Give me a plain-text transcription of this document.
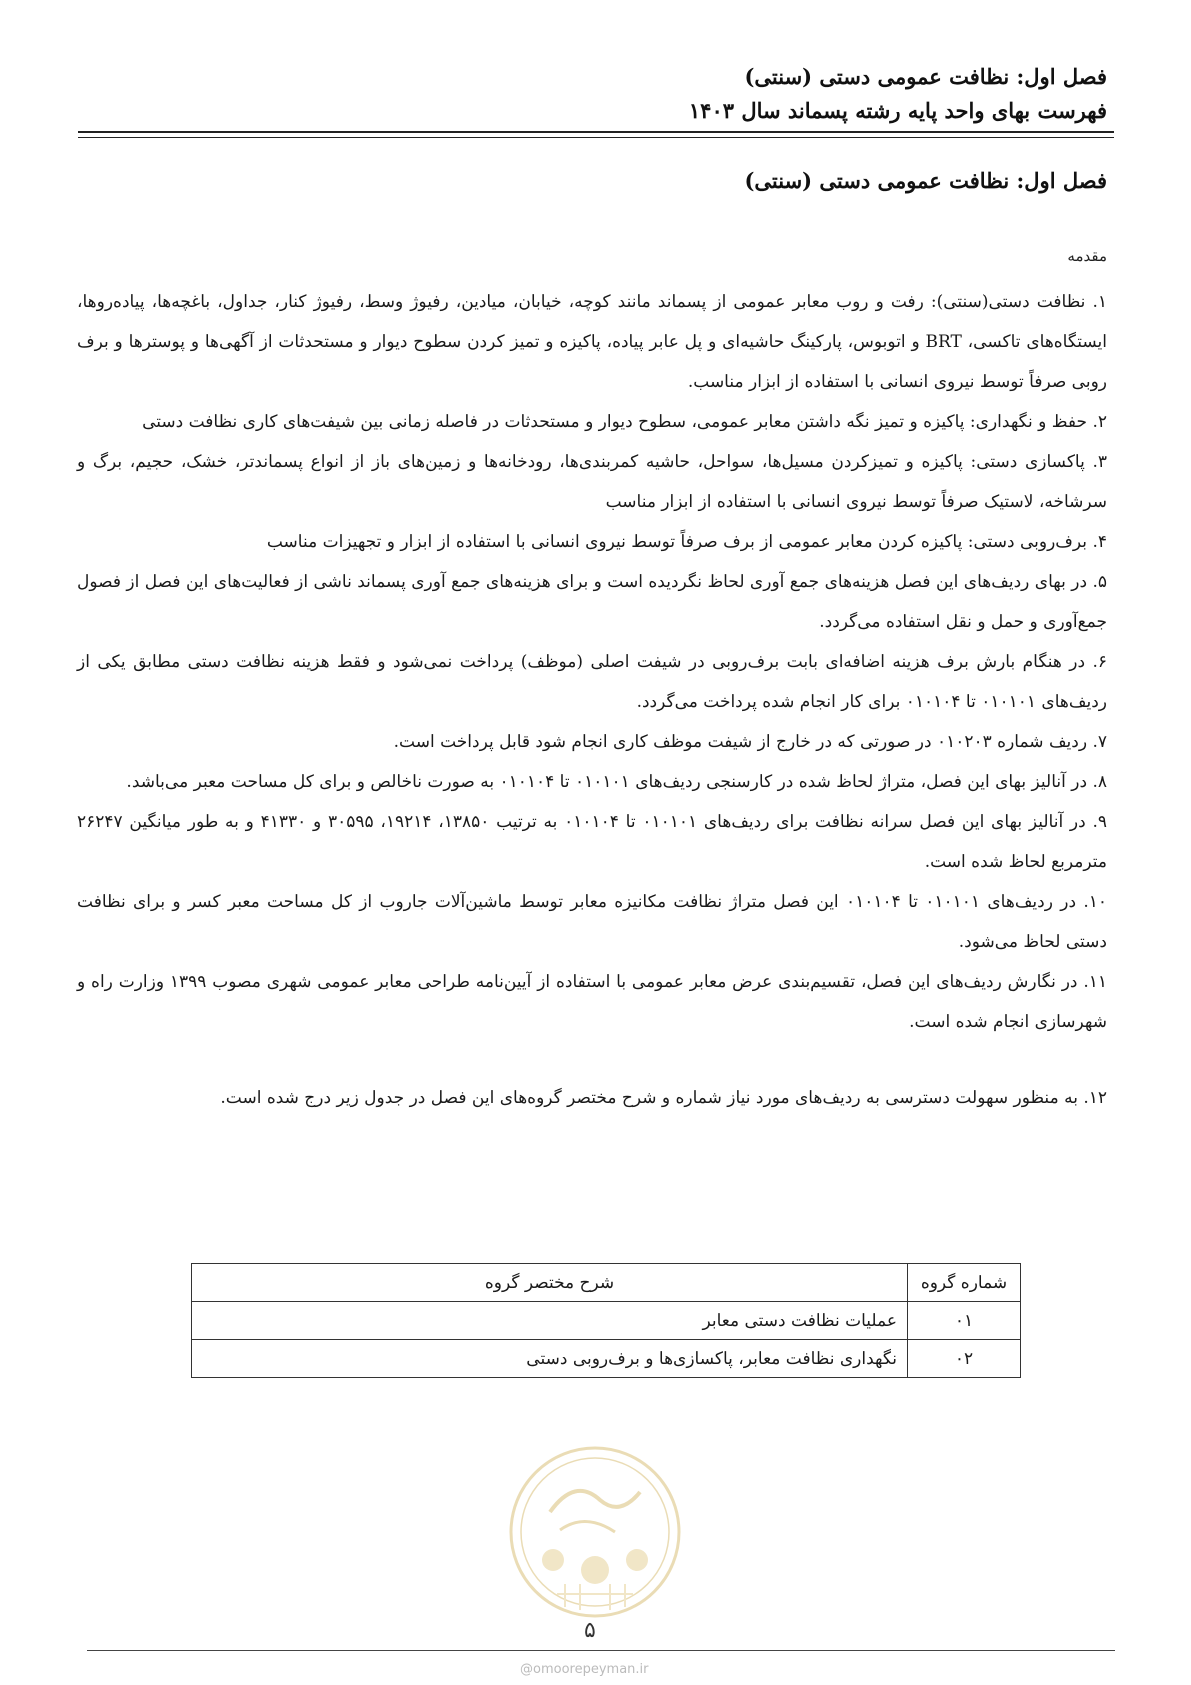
فصل اول: نظافت عمومی دستی (سنتی)
فهرست بهای واحد پایه رشته پسماند سال ۱۴۰۳
فصل اول: نظافت عمومی دستی (سنتی)
مقدمه

۱. نظافت دستی(سنتی): رفت و روب معابر عمومی از پسماند مانند کوچه، خیابان، میادین، رفیوژ وسط، رفیوژ کنار، جداول، باغچه‌ها، پیاده‌روها، ایستگاه‌های تاکسی، BRT و اتوبوس، پارکینگ حاشیه‌ای و پل عابر پیاده، پاکیزه و تمیز کردن سطوح دیوار و مستحدثات از آگهی‌ها و پوسترها و برف روبی صرفاً توسط نیروی انسانی با استفاده از ابزار مناسب.

۲. حفظ و نگهداری: پاکیزه و تمیز نگه داشتن معابر عمومی، سطوح دیوار و مستحدثات در فاصله زمانی بین شیفت‌های کاری نظافت دستی

۳. پاکسازی دستی: پاکیزه و تمیزکردن مسیل‌ها، سواحل، حاشیه کمربندی‌ها، رودخانه‌ها و زمین‌های باز از انواع پسماندتر، خشک، حجیم، برگ و سرشاخه، لاستیک صرفاً توسط نیروی انسانی با استفاده از ابزار مناسب

۴. برف‌روبی دستی: پاکیزه کردن معابر عمومی از برف صرفاً توسط نیروی انسانی با استفاده از ابزار و تجهیزات مناسب

۵. در بهای ردیف‌های این فصل هزینه‌های جمع آوری لحاظ نگردیده است و برای هزینه‌های جمع آوری پسماند ناشی از فعالیت‌های این فصل از فصول جمع‌آوری و حمل و نقل استفاده می‌گردد.

۶. در هنگام بارش برف هزینه اضافه‌ای بابت برف‌روبی در شیفت اصلی (موظف) پرداخت نمی‌شود و فقط هزینه نظافت دستی مطابق یکی از ردیف‌های ۰۱۰۱۰۱ تا ۰۱۰۱۰۴ برای کار انجام شده پرداخت می‌گردد.

۷. ردیف شماره ۰۱۰۲۰۳ در صورتی که در خارج از شیفت موظف کاری انجام شود قابل پرداخت است.

۸. در آنالیز بهای این فصل، متراژ لحاظ شده در کارسنجی ردیف‌های ۰۱۰۱۰۱ تا ۰۱۰۱۰۴ به صورت ناخالص و برای کل مساحت معبر می‌باشد.

۹. در آنالیز بهای این فصل سرانه نظافت برای ردیف‌های ۰۱۰۱۰۱ تا ۰۱۰۱۰۴ به ترتیب ۱۳۸۵۰، ۱۹۲۱۴، ۳۰۵۹۵ و ۴۱۳۳۰ و به طور میانگین ۲۶۲۴۷ مترمربع لحاظ شده است.

۱۰. در ردیف‌های ۰۱۰۱۰۱ تا ۰۱۰۱۰۴ این فصل متراژ نظافت مکانیزه معابر توسط ماشین‌آلات جاروب از کل مساحت معبر کسر و برای نظافت دستی لحاظ می‌شود.

۱۱. در نگارش ردیف‌های این فصل، تقسیم‌بندی عرض معابر عمومی با استفاده از آیین‌نامه طراحی معابر عمومی شهری مصوب ۱۳۹۹ وزارت راه و شهرسازی انجام شده است.

۱۲. به منظور سهولت دسترسی به ردیف‌های مورد نیاز شماره و شرح مختصر گروه‌های این فصل در جدول زیر درج شده است.

شماره گروه	شرح مختصر گروه
۰۱	عملیات نظافت دستی معابر
۰۲	نگهداری نظافت معابر، پاکسازی‌ها و برف‌روبی دستی
۵
@omoorepeyman.ir
